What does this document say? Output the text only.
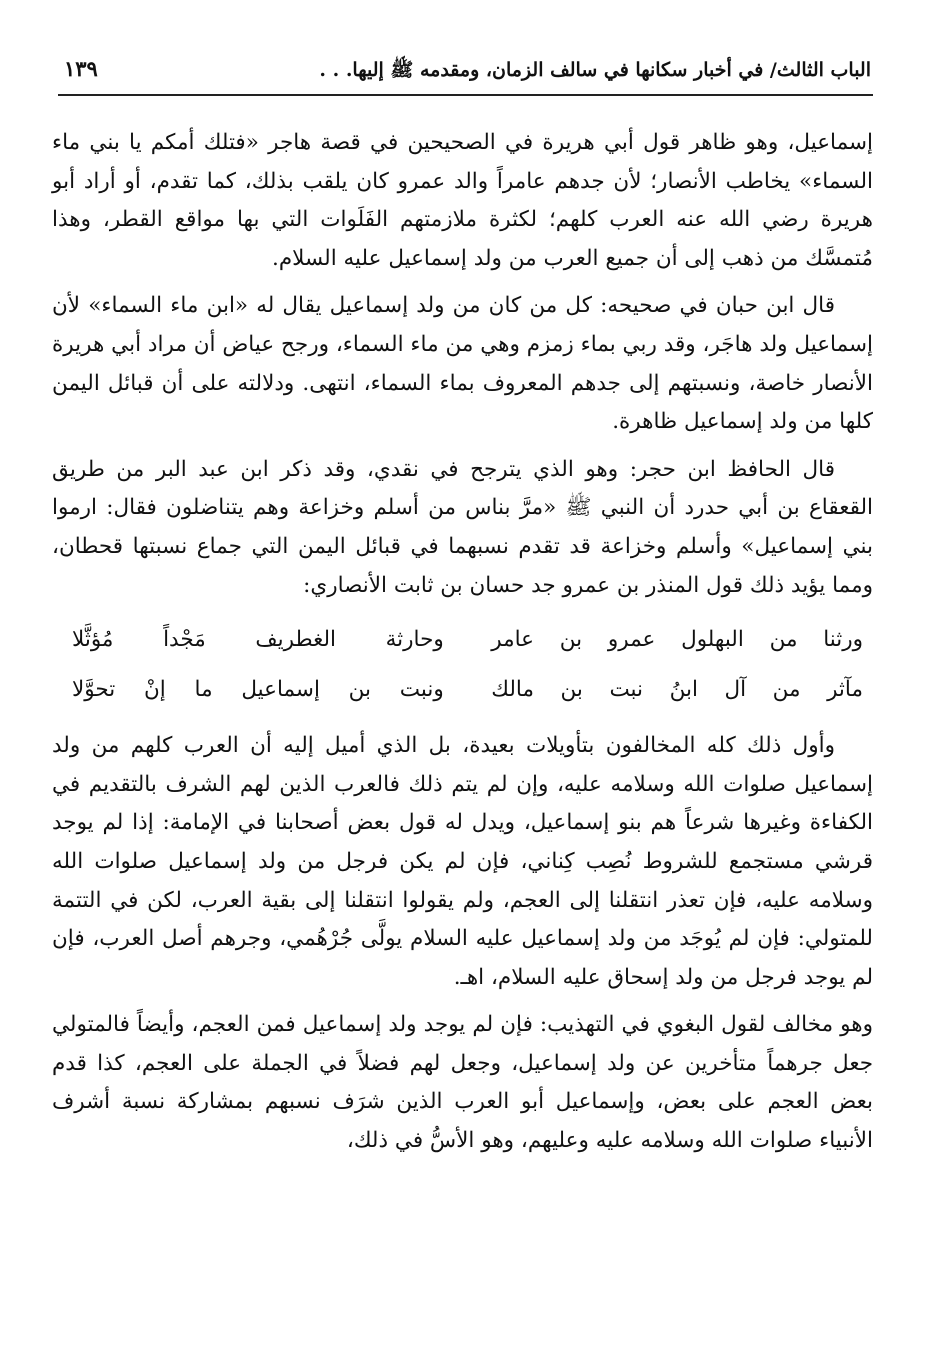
الباب الثالث/ في أخبار سكانها في سالف الزمان، ومقدمه ﷺ إليها. . .
١٣٩

إسماعيل، وهو ظاهر قول أبي هريرة في الصحيحين في قصة هاجر «فتلك أمكم يا بني ماء السماء» يخاطب الأنصار؛ لأن جدهم عامراً والد عمرو كان يلقب بذلك، كما تقدم، أو أراد أبو هريرة رضي الله عنه العرب كلهم؛ لكثرة ملازمتهم الفَلَوات التي بها مواقع القطر، وهذا مُتمسَّك من ذهب إلى أن جميع العرب من ولد إسماعيل عليه السلام.

قال ابن حبان في صحيحه: كل من كان من ولد إسماعيل يقال له «ابن ماء السماء» لأن إسماعيل ولد هاجَر، وقد ربي بماء زمزم وهي من ماء السماء، ورجح عياض أن مراد أبي هريرة الأنصار خاصة، ونسبتهم إلى جدهم المعروف بماء السماء، انتهى. ودلالته على أن قبائل اليمن كلها من ولد إسماعيل ظاهرة.

قال الحافظ ابن حجر: وهو الذي يترجح في نقدي، وقد ذكر ابن عبد البر من طريق القعقاع بن أبي حدرد أن النبي ﷺ «مرَّ بناس من أسلم وخزاعة وهم يتناضلون فقال: ارموا بني إسماعيل» وأسلم وخزاعة قد تقدم نسبهما في قبائل اليمن التي جماع نسبتها قحطان، ومما يؤيد ذلك قول المنذر بن عمرو جد حسان بن ثابت الأنصاري:

ورثنا من البهلول عمرو بن عامر
وحارثة الغطريف مَجْداً مُؤثَّلا
مآثر من آل ابنُ نبت بن مالك
ونبت بن إسماعيل ما إنْ تحوَّلا

وأول ذلك كله المخالفون بتأويلات بعيدة، بل الذي أميل إليه أن العرب كلهم من ولد إسماعيل صلوات الله وسلامه عليه، وإن لم يتم ذلك فالعرب الذين لهم الشرف بالتقديم في الكفاءة وغيرها شرعاً هم بنو إسماعيل، ويدل له قول بعض أصحابنا في الإمامة: إذا لم يوجد قرشي مستجمع للشروط نُصِب كِناني، فإن لم يكن فرجل من ولد إسماعيل صلوات الله وسلامه عليه، فإن تعذر انتقلنا إلى العجم، ولم يقولوا انتقلنا إلى بقية العرب، لكن في التتمة للمتولي: فإن لم يُوجَد من ولد إسماعيل عليه السلام يولَّى جُرْهُمي، وجرهم أصل العرب، فإن لم يوجد فرجل من ولد إسحاق عليه السلام، اهـ.

وهو مخالف لقول البغوي في التهذيب: فإن لم يوجد ولد إسماعيل فمن العجم، وأيضاً فالمتولي جعل جرهماً متأخرين عن ولد إسماعيل، وجعل لهم فضلاً في الجملة على العجم، كذا قدم بعض العجم على بعض، وإسماعيل أبو العرب الذين شرَف نسبهم بمشاركة نسبة أشرف الأنبياء صلوات الله وسلامه عليه وعليهم، وهو الأسُّ في ذلك،
